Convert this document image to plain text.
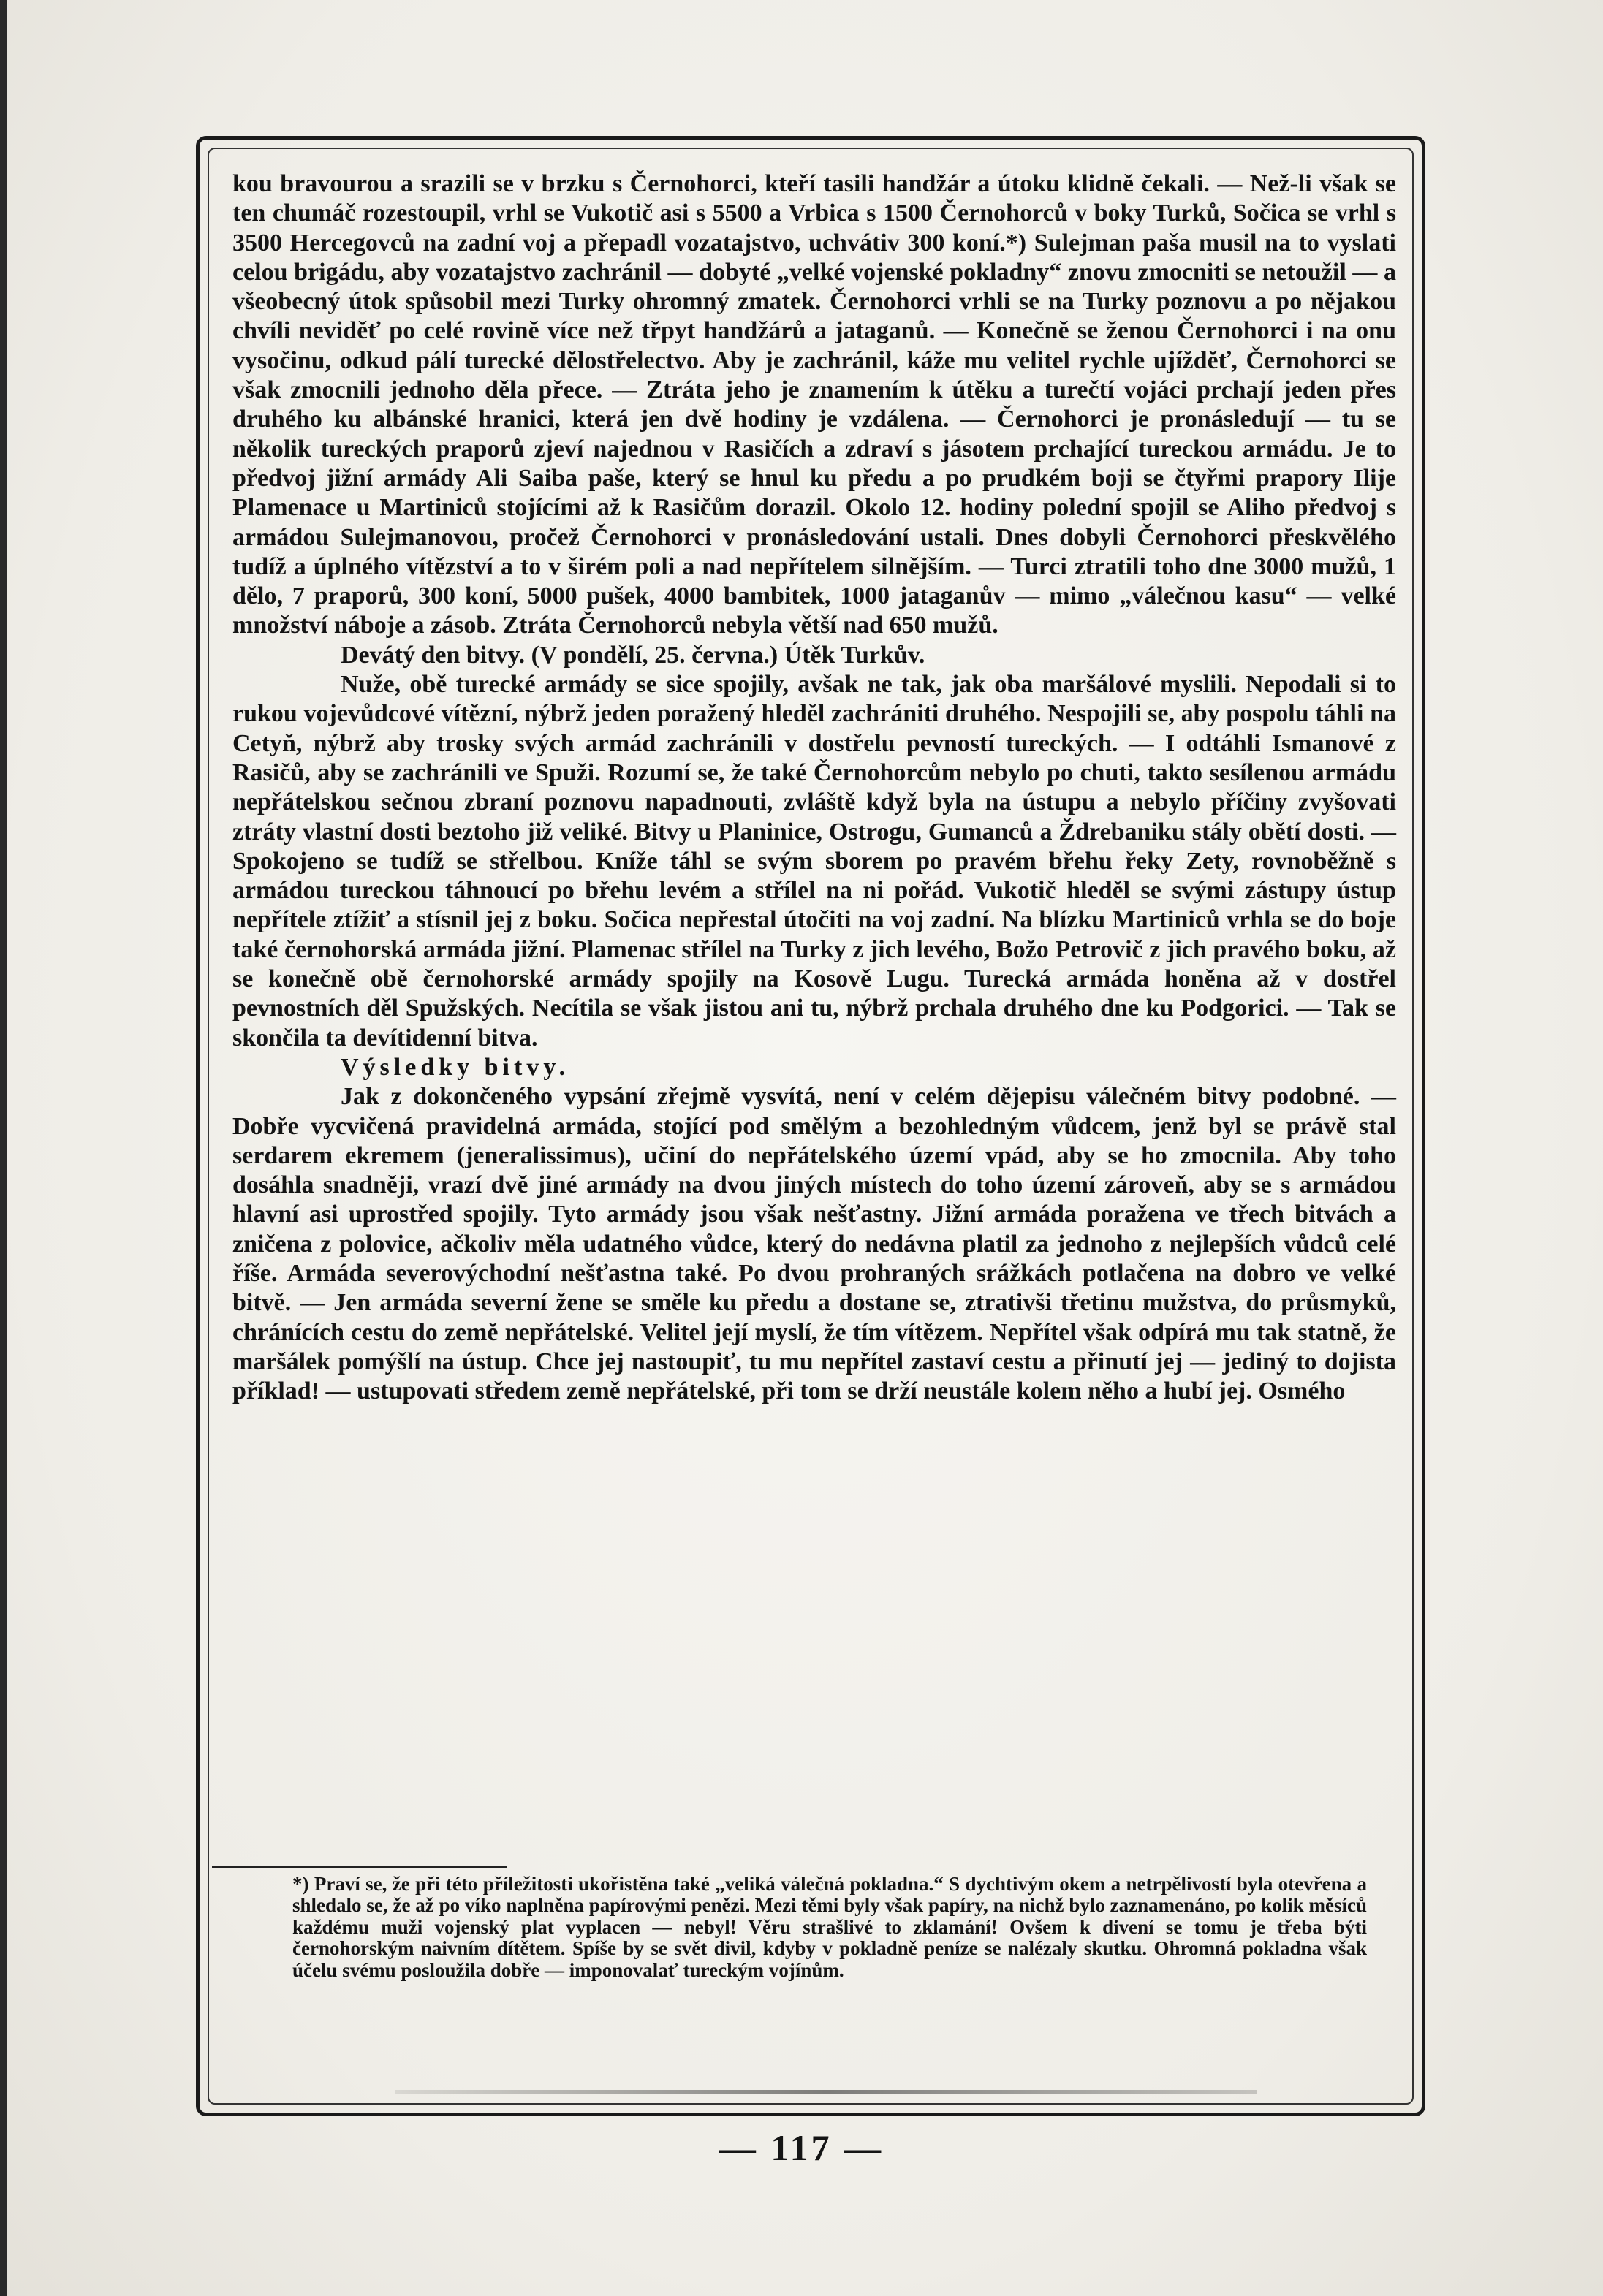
kou bravourou a srazili se v brzku s Černohorci, kteří tasili handžár a útoku klidně čekali. — Než-li však se ten chumáč rozestoupil, vrhl se Vukotič asi s 5500 a Vrbica s 1500 Černohorců v boky Turků, Sočica se vrhl s 3500 Hercegovců na zadní voj a přepadl vozatajstvo, uchvátiv 300 koní.*) Sulejman paša musil na to vyslati celou brigádu, aby vozatajstvo zachránil — dobyté „velké vojenské pokladny“ znovu zmocniti se netoužil — a všeobecný útok spůsobil mezi Turky ohromný zmatek. Černohorci vrhli se na Turky poznovu a po nějakou chvíli neviděť po celé rovině více než třpyt handžárů a jataganů. — Konečně se ženou Černohorci i na onu vysočinu, odkud pálí turecké dělostřelectvo. Aby je zachránil, káže mu velitel rychle ujížděť, Černohorci se však zmocnili jednoho děla přece. — Ztráta jeho je znamením k útěku a turečtí vojáci prchají jeden přes druhého ku albánské hranici, která jen dvě hodiny je vzdálena. — Černohorci je pronásledují — tu se několik tureckých praporů zjeví najednou v Rasičích a zdraví s jásotem prchající tureckou armádu. Je to předvoj jižní armády Ali Saiba paše, který se hnul ku předu a po prudkém boji se čtyřmi prapory Ilije Plamenace u Martiniců stojícími až k Rasičům dorazil. Okolo 12. hodiny polední spojil se Aliho předvoj s armádou Sulejmanovou, pročež Černohorci v pronásledování ustali. Dnes dobyli Černohorci přeskvělého tudíž a úplného vítězství a to v širém poli a nad nepřítelem silnějším. — Turci ztratili toho dne 3000 mužů, 1 dělo, 7 praporů, 300 koní, 5000 pušek, 4000 bambitek, 1000 jataganův — mimo „válečnou kasu“ — velké množství náboje a zásob. Ztráta Černohorců nebyla větší nad 650 mužů.

Devátý den bitvy. (V pondělí, 25. června.) Útěk Turkův.

Nuže, obě turecké armády se sice spojily, avšak ne tak, jak oba maršálové myslili. Nepodali si to rukou vojevůdcové vítězní, nýbrž jeden poražený hleděl zachrániti druhého. Nespojili se, aby pospolu táhli na Cetyň, nýbrž aby trosky svých armád zachránili v dostřelu pevností tureckých. — I odtáhli Ismanové z Rasičů, aby se zachránili ve Spuži. Rozumí se, že také Černohorcům nebylo po chuti, takto sesílenou armádu nepřátelskou sečnou zbraní poznovu napadnouti, zvláště když byla na ústupu a nebylo příčiny zvyšovati ztráty vlastní dosti beztoho již veliké. Bitvy u Planinice, Ostrogu, Gumanců a Ždrebaniku stály obětí dosti. — Spokojeno se tudíž se střelbou. Kníže táhl se svým sborem po pravém břehu řeky Zety, rovnoběžně s armádou tureckou táhnoucí po břehu levém a střílel na ni pořád. Vukotič hleděl se svými zástupy ústup nepřítele ztížiť a stísnil jej z boku. Sočica nepřestal útočiti na voj zadní. Na blízku Martiniců vrhla se do boje také černohorská armáda jižní. Plamenac střílel na Turky z jich levého, Božo Petrovič z jich pravého boku, až se konečně obě černohorské armády spojily na Kosově Lugu. Turecká armáda honěna až v dostřel pevnostních děl Spužských. Necítila se však jistou ani tu, nýbrž prchala druhého dne ku Podgorici. — Tak se skončila ta devítidenní bitva.

Výsledky bitvy.

Jak z dokončeného vypsání zřejmě vysvítá, není v celém dějepisu válečném bitvy podobné. — Dobře vycvičená pravidelná armáda, stojící pod smělým a bezohledným vůdcem, jenž byl se právě stal serdarem ekremem (jeneralissimus), učiní do nepřátelského území vpád, aby se ho zmocnila. Aby toho dosáhla snadněji, vrazí dvě jiné armády na dvou jiných místech do toho území zároveň, aby se s armádou hlavní asi uprostřed spojily. Tyto armády jsou však nešťastny. Jižní armáda poražena ve třech bitvách a zničena z polovice, ačkoliv měla udatného vůdce, který do nedávna platil za jednoho z nejlepších vůdců celé říše. Armáda severovýchodní nešťastna také. Po dvou prohraných srážkách potlačena na dobro ve velké bitvě. — Jen armáda severní žene se směle ku předu a dostane se, ztrativši třetinu mužstva, do průsmyků, chránících cestu do země nepřátelské. Velitel její myslí, že tím vítězem. Nepřítel však odpírá mu tak statně, že maršálek pomýšlí na ústup. Chce jej nastoupiť, tu mu nepřítel zastaví cestu a přinutí jej — jediný to dojista příklad! — ustupovati středem země nepřátelské, při tom se drží neustále kolem něho a hubí jej. Osmého

*) Praví se, že při této příležitosti ukořistěna také „veliká válečná pokladna.“ S dychtivým okem a netrpělivostí byla otevřena a shledalo se, že až po víko naplněna papírovými penězi. Mezi těmi byly však papíry, na nichž bylo zaznamenáno, po kolik měsíců každému muži vojenský plat vyplacen — nebyl! Věru strašlivé to zklamání! Ovšem k divení se tomu je třeba býti černohorským naivním dítětem. Spíše by se svět divil, kdyby v pokladně peníze se nalézaly skutku. Ohromná pokladna však účelu svému posloužila dobře — imponovalať tureckým vojínům.

— 117 —
